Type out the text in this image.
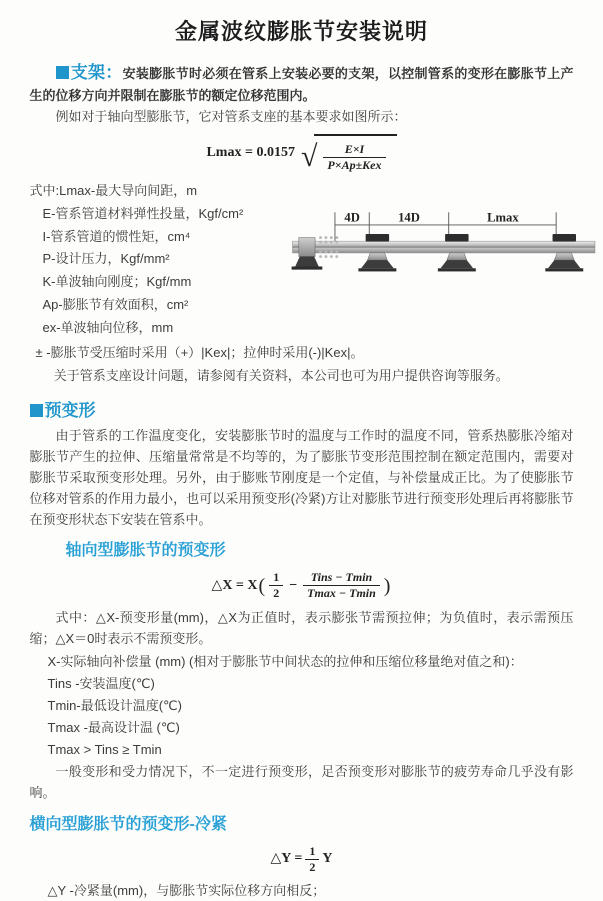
金属波纹膨胀节安装说明

支架：安装膨胀节时必须在管系上安装必要的支架，以控制管系的变形在膨胀节上产生的位移方向并限制在膨胀节的额定位移范围内。

例如对于轴向型膨胀节，它对管系支座的基本要求如图所示：

Lmax = 0.0157 √ $\frac{E\times I}{\text{P×Ap±Kex}}$
式中:Lmax-最大导向间距，m
E-管系管道材料弹性投量，Kgf/cm²
I-管系管道的惯性矩，cm⁴
P-设计压力，Kgf/mm²
K-单波轴向刚度；Kgf/mm
Ap-膨胀节有效面积，cm²
ex-单波轴向位移，mm
4D	14D	Lmax
± -膨胀节受压缩时采用（+）|Kex|；拉伸时采用(-)|Kex|。
关于管系支座设计问题，请参阅有关资料，本公司也可为用户提供咨询等服务。
预变形

由于管系的工作温度变化，安装膨胀节时的温度与工作时的温度不同，管系热膨胀冷缩对膨胀节产生的拉伸、压缩量常常是不均等的，为了膨胀节变形范围控制在额定范围内，需要对膨胀节采取预变形处理。另外，由于膨账节刚度是一个定值，与补偿量成正比。为了使膨胀节位移对管系的作用力最小，也可以采用预变形(冷紧)方让对膨胀节进行预变形处理后再将膨胀节在预变形状态下安装在管系中。

轴向型膨胀节的预变形
△X = X ( $\frac{1}{2} - \frac{\text{Tins − Tmin}}{Tmax - Tmin}$ )

式中：△X-预变形量(mm)，△X为正值时，表示膨张节需预拉伸；为负值时，表示需预压缩；△X＝0时表示不需预变形。

X-实际轴向补偿量 (mm) (相对于膨胀节中间状态的拉伸和压缩位移量绝对值之和)：
Tins -安装温度(℃)
Tmin-最低设计温度(℃)
Tmax -最高设计温 (℃)
Tmax > Tins ≥ Tmin

一般变形和受力情况下，不一定进行预变形，足否预变形对膨胀节的疲劳寿命几乎没有影响。

横向型膨胀节的预变形-冷紧
△Y = $\frac{1}{2}$ Y
△Y -冷紧量(mm)，与膨胀节实际位移方向相反；
